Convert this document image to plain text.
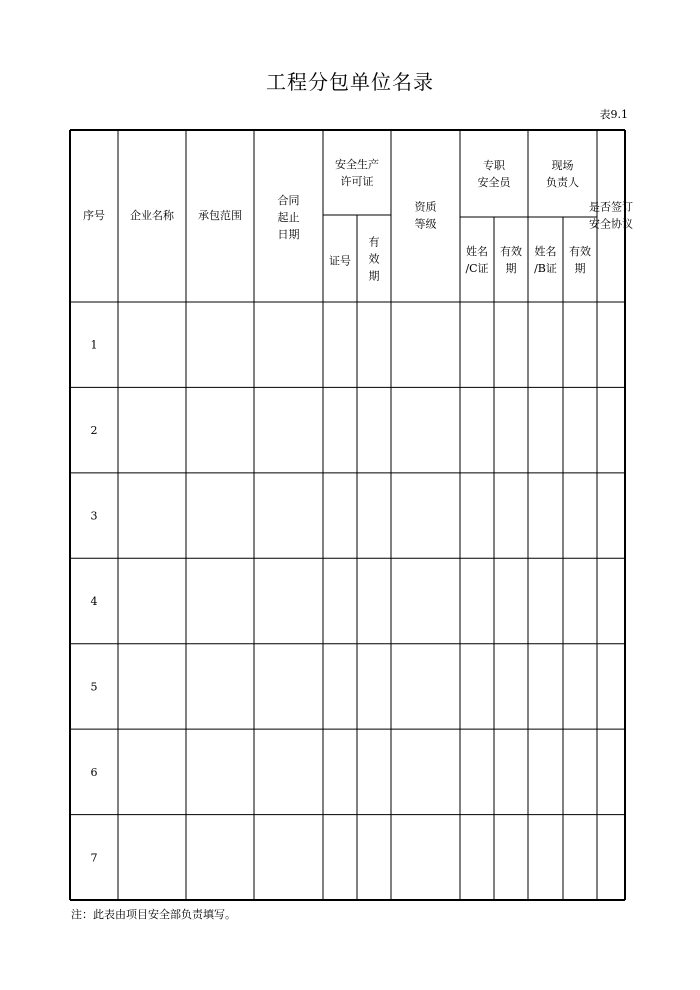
工程分包单位名录
表9.1
序号 企业名称 承包范围
合同起止日期
安全生产许可证
证号
有效期
资质等级
专职安全员
姓名/C证
有效期
现场负责人
姓名/B证
有效期
是否签订安全协议
1
2
3
4
5
6
7
注：此表由项目安全部负责填写。
